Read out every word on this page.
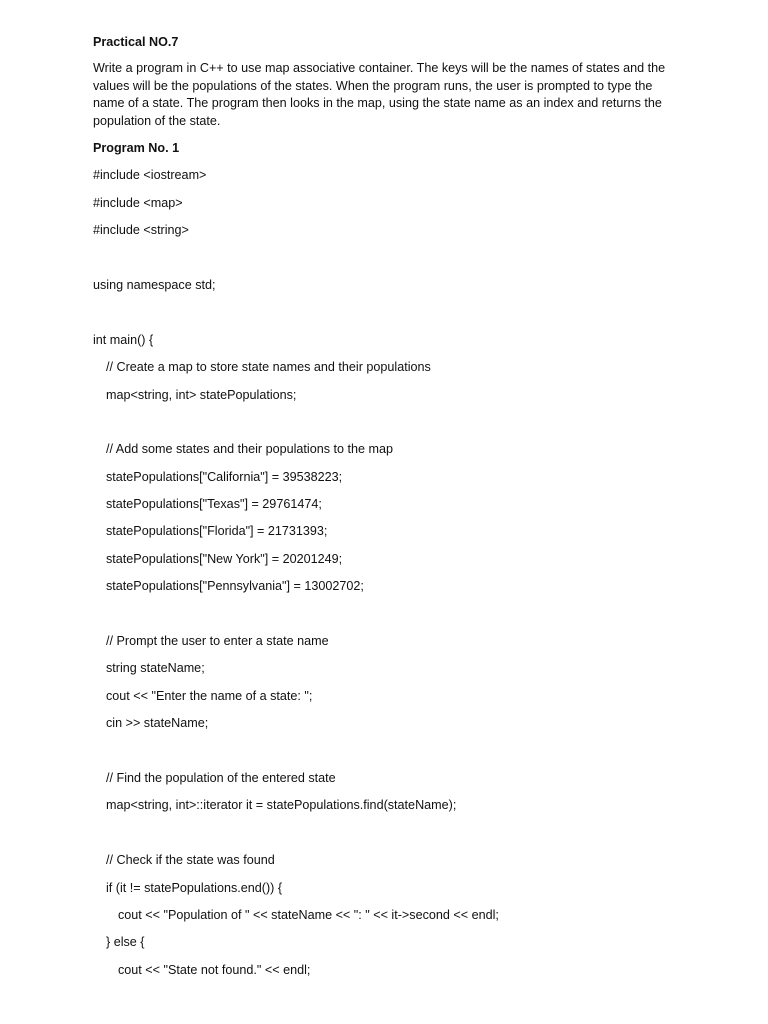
Practical NO.7
Write a program in C++ to use map associative container. The keys will be the names of states and the values will be the populations of the states. When the program runs, the user is prompted to type the name of a state. The program then looks in the map, using the state name as an index and returns the population of the state.
Program No. 1
#include <iostream>
#include <map>
#include <string>
using namespace std;
int main() {
// Create a map to store state names and their populations
map<string, int> statePopulations;
// Add some states and their populations to the map
statePopulations["California"] = 39538223;
statePopulations["Texas"] = 29761474;
statePopulations["Florida"] = 21731393;
statePopulations["New York"] = 20201249;
statePopulations["Pennsylvania"] = 13002702;
// Prompt the user to enter a state name
string stateName;
cout << "Enter the name of a state: ";
cin >> stateName;
// Find the population of the entered state
map<string, int>::iterator it = statePopulations.find(stateName);
// Check if the state was found
if (it != statePopulations.end()) {
cout << "Population of " << stateName << ": " << it->second << endl;
} else {
cout << "State not found." << endl;
